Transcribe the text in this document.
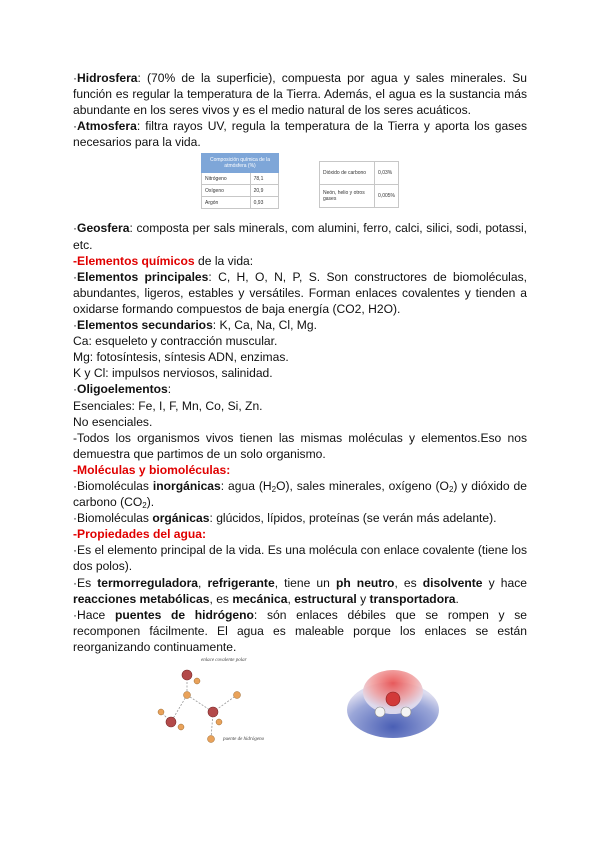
·Hidrosfera: (70% de la superficie), compuesta por agua y sales minerales. Su función es regular la temperatura de la Tierra. Además, el agua es la sustancia más abundante en los seres vivos y es el medio natural de los seres acuáticos.

·Atmosfera: filtra rayos UV, regula la temperatura de la Tierra y aporta los gases necesarios para la vida.

Composición química de la atmósfera (%)	
Nitrógeno	78,1
Oxígeno	20,9
Argón	0,93
Dióxido de carbono	0,03%
Neón, helio y otros gases	0,005%

·Geosfera: composta per sals minerals, com alumini, ferro, calci, silici, sodi, potassi, etc.

-Elementos químicos de la vida:

·Elementos principales: C, H, O, N, P, S. Son constructores de biomoléculas, abundantes, ligeros, estables y versátiles. Forman enlaces covalentes y tienden a oxidarse formando compuestos de baja energía (CO2, H2O).

·Elementos secundarios: K, Ca, Na, Cl, Mg.

Ca: esqueleto y contracción muscular.

Mg: fotosíntesis, síntesis ADN, enzimas.

K y Cl: impulsos nerviosos, salinidad.

·Oligoelementos:

Esenciales: Fe, I, F, Mn, Co, Si, Zn.

No esenciales.

-Todos los organismos vivos tienen las mismas moléculas y elementos.Eso nos demuestra que partimos de un solo organismo.

-Moléculas y biomoléculas:

·Biomoléculas inorgánicas: agua $(H_2O)$, sales minerales, oxígeno $(O_2)$ y dióxido de carbono $(CO_2)$.

·Biomoléculas orgánicas: glúcidos, lípidos, proteínas (se verán más adelante).

-Propiedades del agua:

·Es el elemento principal de la vida. Es una molécula con enlace covalente (tiene los dos polos).

·Es termorreguladora, refrigerante, tiene un ph neutro, es disolvente y hace reacciones metabólicas, es mecánica, estructural y transportadora.

·Hace puentes de hidrógeno: són enlaces débiles que se rompen y se recomponen fácilmente. El agua es maleable porque los enlaces se están reorganizando continuamente.

enlace covalente polar
puente de hidrógeno
